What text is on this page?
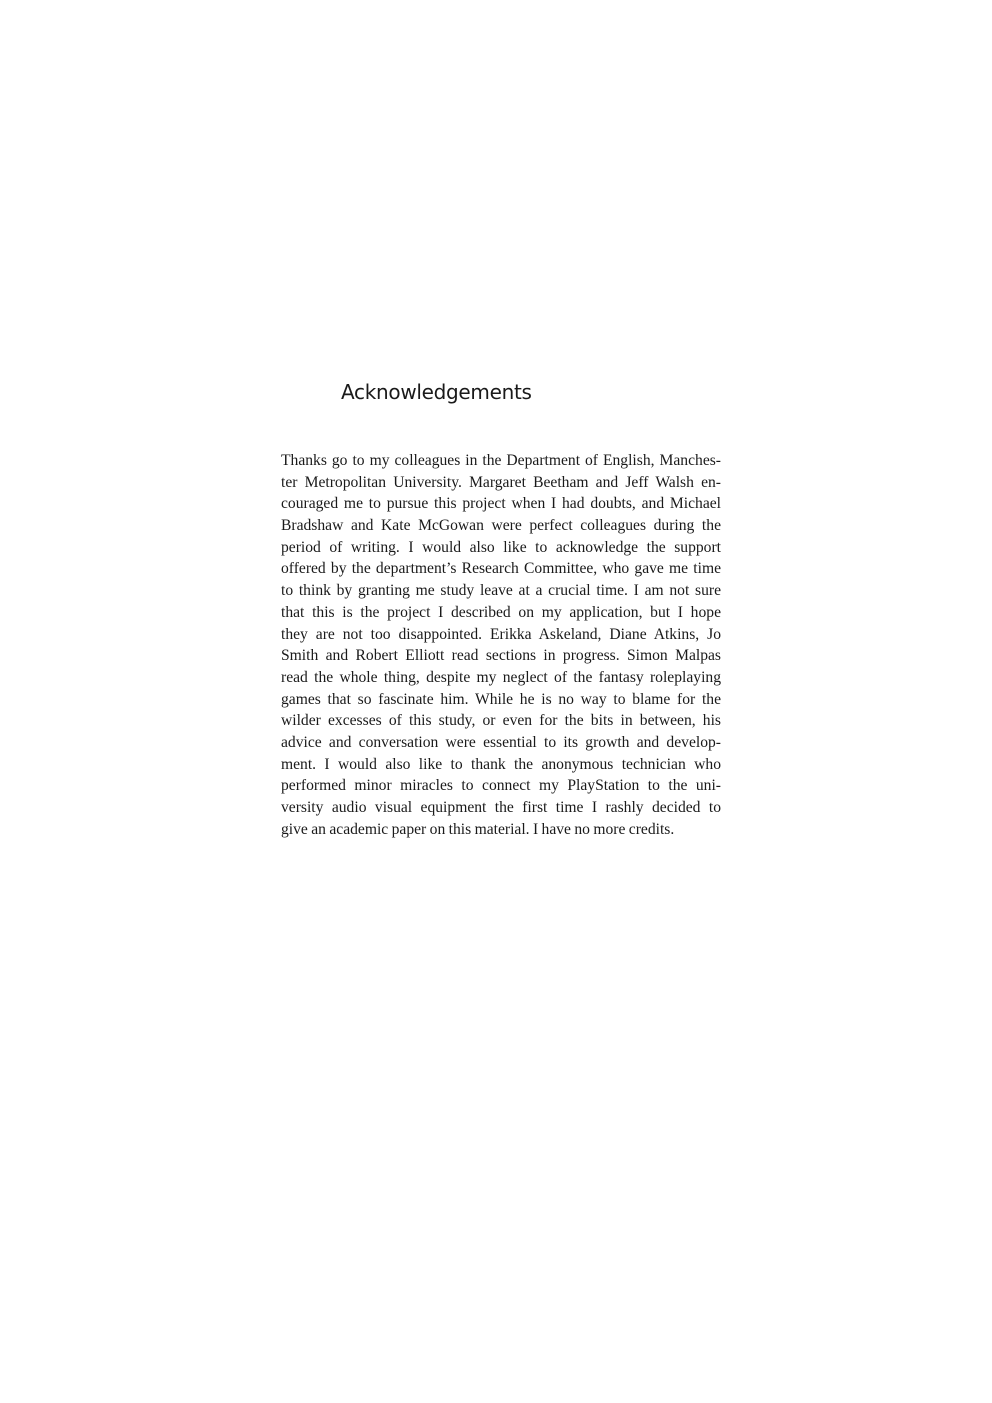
Acknowledgements
Thanks go to my colleagues in the Department of English, Manches-
ter Metropolitan University. Margaret Beetham and Jeff Walsh en-
couraged me to pursue this project when I had doubts, and Michael
Bradshaw and Kate McGowan were perfect colleagues during the
period of writing. I would also like to acknowledge the support
offered by the department’s Research Committee, who gave me time
to think by granting me study leave at a crucial time. I am not sure
that this is the project I described on my application, but I hope
they are not too disappointed. Erikka Askeland, Diane Atkins, Jo
Smith and Robert Elliott read sections in progress. Simon Malpas
read the whole thing, despite my neglect of the fantasy roleplaying
games that so fascinate him. While he is no way to blame for the
wilder excesses of this study, or even for the bits in between, his
advice and conversation were essential to its growth and develop-
ment. I would also like to thank the anonymous technician who
performed minor miracles to connect my PlayStation to the uni-
versity audio visual equipment the first time I rashly decided to
give an academic paper on this material. I have no more credits.
